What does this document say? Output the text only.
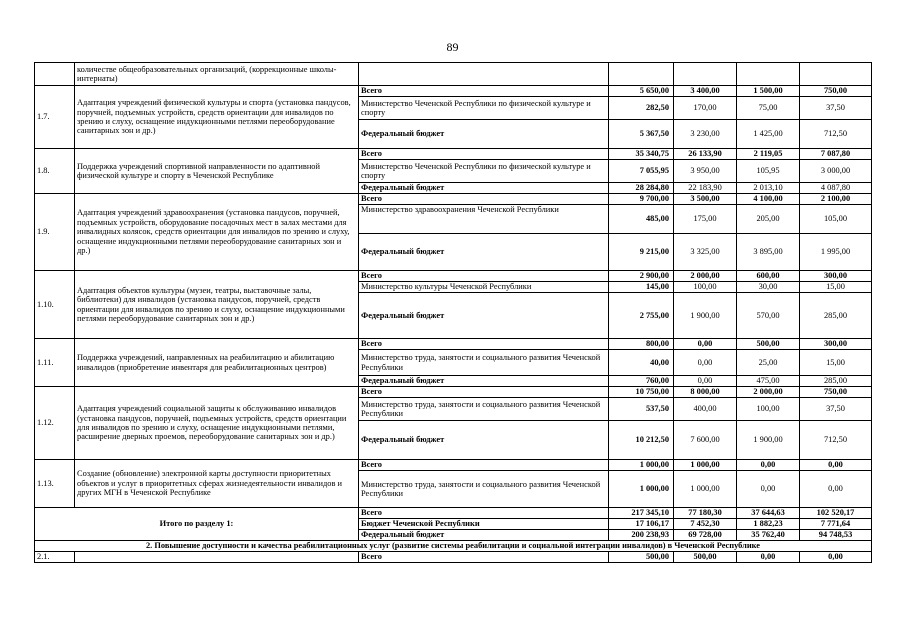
89
	количестве общеобразовательных организаций, (коррекционные школы-интернаты)					
1.7.	Адаптация учреждений физической культуры и спорта (установка пандусов, поручней, подъемных устройств, средств ориентации для инвалидов по зрению и слуху, оснащение индукционными петлями переоборудование санитарных зон и др.)	Всего	5 650,00	3 400,00	1 500,00	750,00
		Министерство Чеченской Республики по физической культуре и спорту	282,50	170,00	75,00	37,50
		Федеральный бюджет	5 367,50	3 230,00	1 425,00	712,50
1.8.	Поддержка учреждений спортивной направленности по адаптивной физической культуре и спорту в Чеченской Республике	Всего	35 340,75	26 133,90	2 119,05	7 087,80
		Министерство Чеченской Республики по физической культуре и спорту	7 055,95	3 950,00	105,95	3 000,00
		Федеральный бюджет	28 284,80	22 183,90	2 013,10	4 087,80
1.9.	Адаптация учреждений здравоохранения (установка пандусов, поручней, подъемных устройств, оборудование посадочных мест в залах местами для инвалидных колясок, средств ориентации для инвалидов по зрению и слуху, оснащение индукционными петлями переоборудование санитарных зон и др.)	Всего	9 700,00	3 500,00	4 100,00	2 100,00
		Министерство здравоохранения Чеченской Республики	485,00	175,00	205,00	105,00
		Федеральный бюджет	9 215,00	3 325,00	3 895,00	1 995,00
1.10.	Адаптация объектов культуры (музеи, театры, выставочные залы, библиотеки) для инвалидов (установка пандусов, поручней, средств ориентации для инвалидов по зрению и слуху, оснащение индукционными петлями переоборудование санитарных зон и др.)	Всего	2 900,00	2 000,00	600,00	300,00
		Министерство культуры Чеченской Республики	145,00	100,00	30,00	15,00
		Федеральный бюджет	2 755,00	1 900,00	570,00	285,00
1.11.	Поддержка учреждений, направленных на реабилитацию и абилитацию инвалидов (приобретение инвентаря для реабилитационных центров)	Всего	800,00	0,00	500,00	300,00
		Министерство труда, занятости и социального развития Чеченской Республики	40,00	0,00	25,00	15,00
		Федеральный бюджет	760,00	0,00	475,00	285,00
1.12.	Адаптация учреждений социальной защиты к обслуживанию инвалидов (установка пандусов, поручней, подъемных устройств, средств ориентации для инвалидов по зрению и слуху, оснащение индукционными петлями, расширение дверных проемов, переоборудование санитарных зон и др.)	Всего	10 750,00	8 000,00	2 000,00	750,00
		Министерство труда, занятости и социального развития Чеченской Республики	537,50	400,00	100,00	37,50
		Федеральный бюджет	10 212,50	7 600,00	1 900,00	712,50
1.13.	Создание (обновление) электронной карты доступности приоритетных объектов и услуг в приоритетных сферах жизнедеятельности инвалидов и других МГН в Чеченской Республике	Всего	1 000,00	1 000,00	0,00	0,00
		Министерство труда, занятости и социального развития Чеченской Республики	1 000,00	1 000,00	0,00	0,00
Итого по разделу 1:		Всего	217 345,10	77 180,30	37 644,63	102 520,17
		Бюджет Чеченской Республики	17 106,17	7 452,30	1 882,23	7 771,64
		Федеральный бюджет	200 238,93	69 728,00	35 762,40	94 748,53
2. Повышение доступности и качества реабилитационных услуг (развитие системы реабилитации и социальной интеграции инвалидов) в Чеченской Республике						
2.1.		Всего	500,00	500,00	0,00	0,00
